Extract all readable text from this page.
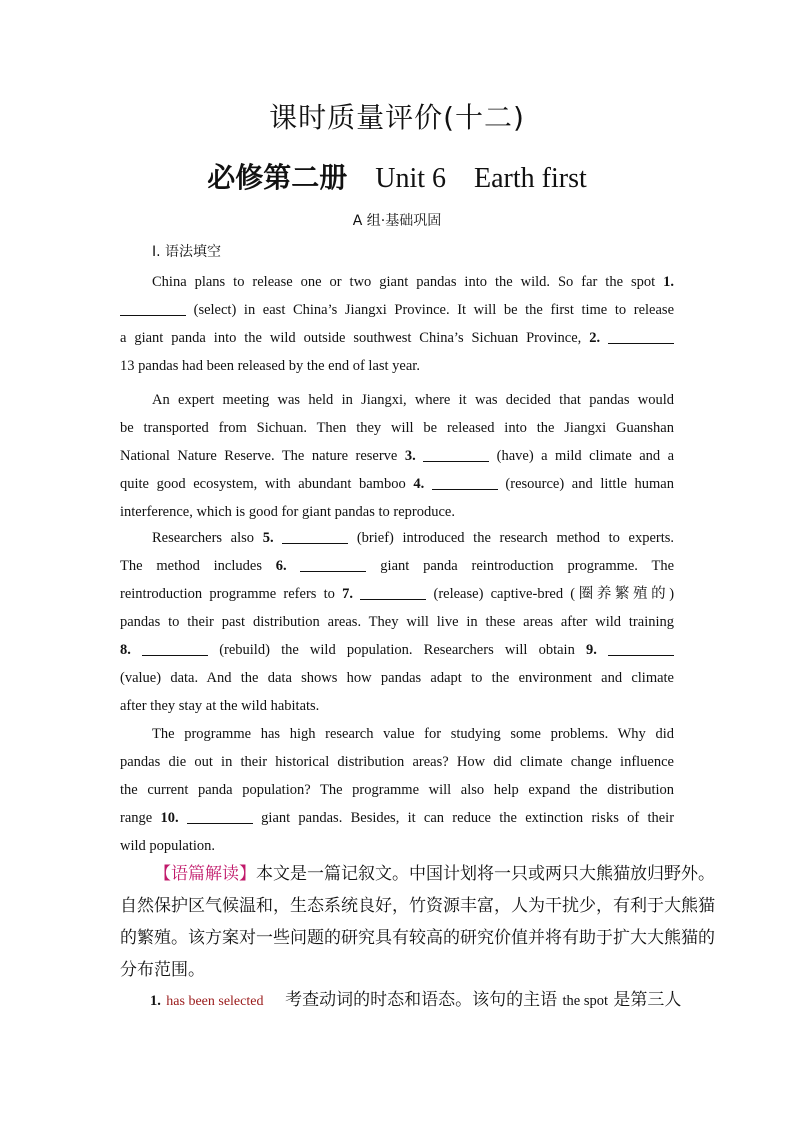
课时质量评价(十二)
必修第二册 Unit 6 Earth first
A 组·基础巩固
Ⅰ. 语法填空
China plans to release one or two giant pandas into the wild. So far the spot 1.
(select) in east China’s Jiangxi Province. It will be the first time to release
a giant panda into the wild outside southwest China’s Sichuan Province, 2.
13 pandas had been released by the end of last year.
An expert meeting was held in Jiangxi, where it was decided that pandas would
be transported from Sichuan. Then they will be released into the Jiangxi Guanshan
National Nature Reserve. The nature reserve 3.	(have) a mild climate and a
quite good ecosystem, with abundant bamboo 4.	(resource) and little human
interference, which is good for giant pandas to reproduce.
Researchers also 5.	(brief) introduced the research method to experts.
The method includes 6.	giant panda reintroduction programme. The
reintroduction programme refers to 7.	(release) captive-bred (圈养繁殖的)
pandas to their past distribution areas. They will live in these areas after wild training
8.	(rebuild) the wild population. Researchers will obtain 9.
(value) data. And the data shows how pandas adapt to the environment and climate
after they stay at the wild habitats.
The programme has high research value for studying some problems. Why did
pandas die out in their historical distribution areas? How did climate change influence
the current panda population? The programme will also help expand the distribution
range 10.	giant pandas. Besides, it can reduce the extinction risks of their
wild population.
【语篇解读】本文是一篇记叙文。中国计划将一只或两只大熊猫放归野外。
自然保护区气候温和，生态系统良好，竹资源丰富，人为干扰少，有利于大熊猫
的繁殖。该方案对一些问题的研究具有较高的研究价值并将有助于扩大大熊猫的
分布范围。
1. has been selected 考查动词的时态和语态。该句的主语 the spot 是第三人
